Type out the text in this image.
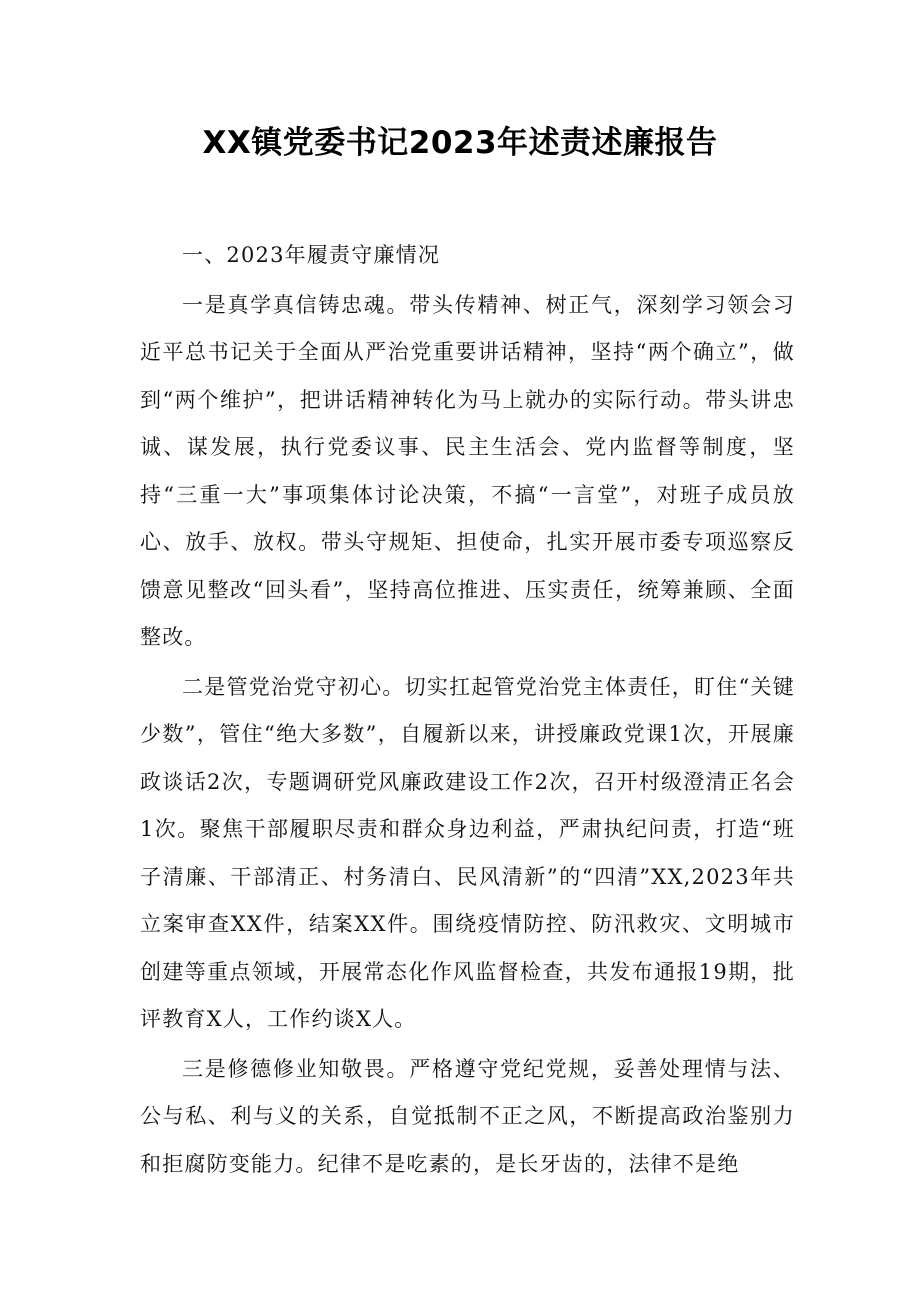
XX镇党委书记2023年述责述廉报告

一、2023年履责守廉情况

一是真学真信铸忠魂。带头传精神、树正气，深刻学习领会习近平总书记关于全面从严治党重要讲话精神，坚持“两个确立”，做到“两个维护”，把讲话精神转化为马上就办的实际行动。带头讲忠诚、谋发展，执行党委议事、民主生活会、党内监督等制度，坚持“三重一大”事项集体讨论决策，不搞“一言堂”，对班子成员放心、放手、放权。带头守规矩、担使命，扎实开展市委专项巡察反馈意见整改“回头看”，坚持高位推进、压实责任，统筹兼顾、全面整改。

二是管党治党守初心。切实扛起管党治党主体责任，盯住“关键少数”，管住“绝大多数”，自履新以来，讲授廉政党课1次，开展廉政谈话2次，专题调研党风廉政建设工作2次，召开村级澄清正名会1次。聚焦干部履职尽责和群众身边利益，严肃执纪问责，打造“班子清廉、干部清正、村务清白、民风清新”的“四清”XX,2023年共立案审查XX件，结案XX件。围绕疫情防控、防汛救灾、文明城市创建等重点领域，开展常态化作风监督检查，共发布通报19期，批评教育X人，工作约谈X人。

三是修德修业知敬畏。严格遵守党纪党规，妥善处理情与法、公与私、利与义的关系，自觉抵制不正之风，不断提高政治鉴别力和拒腐防变能力。纪律不是吃素的，是长牙齿的，法律不是绝
